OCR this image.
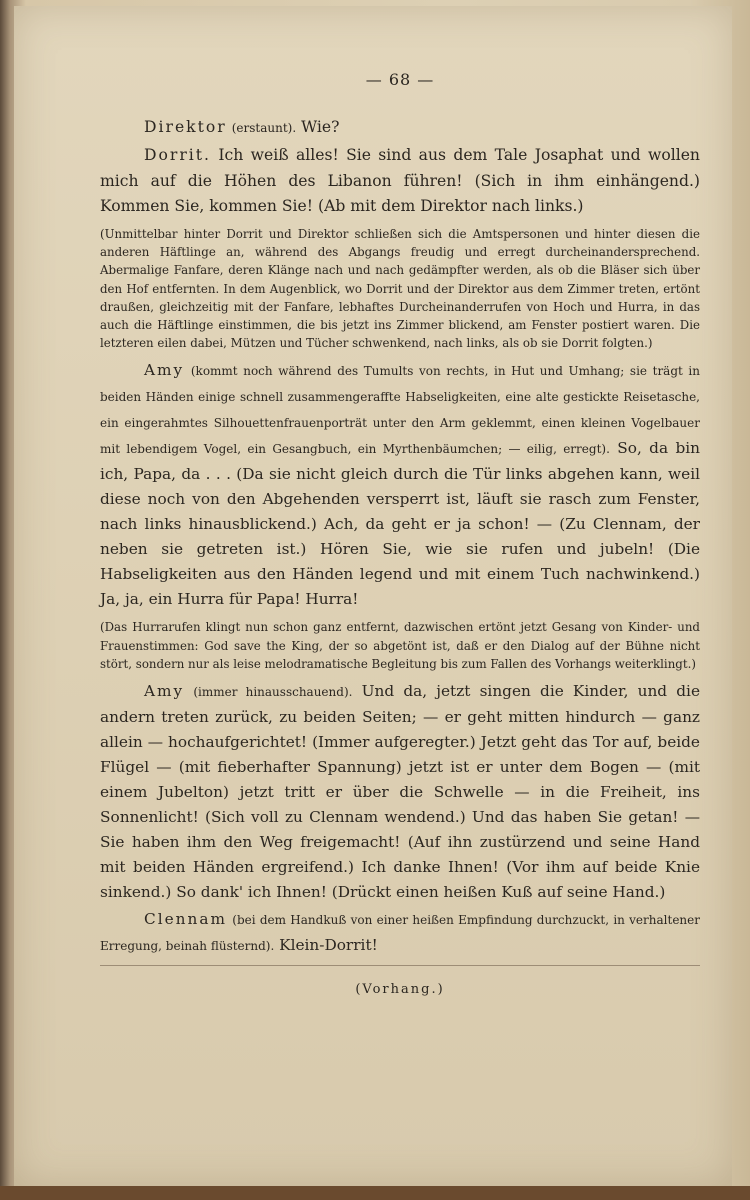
— 68 —

Direktor (erstaunt). Wie?

Dorrit. Ich weiß alles! Sie sind aus dem Tale Josaphat und wollen mich auf die Höhen des Libanon führen! (Sich in ihm einhängend.) Kommen Sie, kommen Sie! (Ab mit dem Direktor nach links.)

(Unmittelbar hinter Dorrit und Direktor schließen sich die Amtspersonen und hinter diesen die anderen Häftlinge an, während des Abgangs freudig und erregt durcheinandersprechend. Abermalige Fanfare, deren Klänge nach und nach gedämpfter werden, als ob die Bläser sich über den Hof entfernten. In dem Augenblick, wo Dorrit und der Direktor aus dem Zimmer treten, ertönt draußen, gleichzeitig mit der Fanfare, lebhaftes Durcheinanderrufen von Hoch und Hurra, in das auch die Häftlinge einstimmen, die bis jetzt ins Zimmer blickend, am Fenster postiert waren. Die letzteren eilen dabei, Mützen und Tücher schwenkend, nach links, als ob sie Dorrit folgten.)

Amy (kommt noch während des Tumults von rechts, in Hut und Umhang; sie trägt in beiden Händen einige schnell zusammengeraffte Habseligkeiten, eine alte gestickte Reisetasche, ein eingerahmtes Silhouettenfrauenporträt unter den Arm geklemmt, einen kleinen Vogelbauer mit lebendigem Vogel, ein Gesangbuch, ein Myrthenbäumchen; — eilig, erregt). So, da bin ich, Papa, da . . . (Da sie nicht gleich durch die Tür links abgehen kann, weil diese noch von den Abgehenden versperrt ist, läuft sie rasch zum Fenster, nach links hinausblickend.) Ach, da geht er ja schon! — (Zu Clennam, der neben sie getreten ist.) Hören Sie, wie sie rufen und jubeln! (Die Habseligkeiten aus den Händen legend und mit einem Tuch nachwinkend.) Ja, ja, ein Hurra für Papa! Hurra!

(Das Hurrarufen klingt nun schon ganz entfernt, dazwischen ertönt jetzt Gesang von Kinder- und Frauenstimmen: God save the King, der so abgetönt ist, daß er den Dialog auf der Bühne nicht stört, sondern nur als leise melodramatische Begleitung bis zum Fallen des Vorhangs weiterklingt.)

Amy (immer hinausschauend). Und da, jetzt singen die Kinder, und die andern treten zurück, zu beiden Seiten; — er geht mitten hindurch — ganz allein — hochaufgerichtet! (Immer aufgeregter.) Jetzt geht das Tor auf, beide Flügel — (mit fieberhafter Spannung) jetzt ist er unter dem Bogen — (mit einem Jubelton) jetzt tritt er über die Schwelle — in die Freiheit, ins Sonnenlicht! (Sich voll zu Clennam wendend.) Und das haben Sie getan! — Sie haben ihm den Weg freigemacht! (Auf ihn zustürzend und seine Hand mit beiden Händen ergreifend.) Ich danke Ihnen! (Vor ihm auf beide Knie sinkend.) So dank' ich Ihnen! (Drückt einen heißen Kuß auf seine Hand.)

Clennam (bei dem Handkuß von einer heißen Empfindung durchzuckt, in verhaltener Erregung, beinah flüsternd). Klein-Dorrit!

(Vorhang.)
